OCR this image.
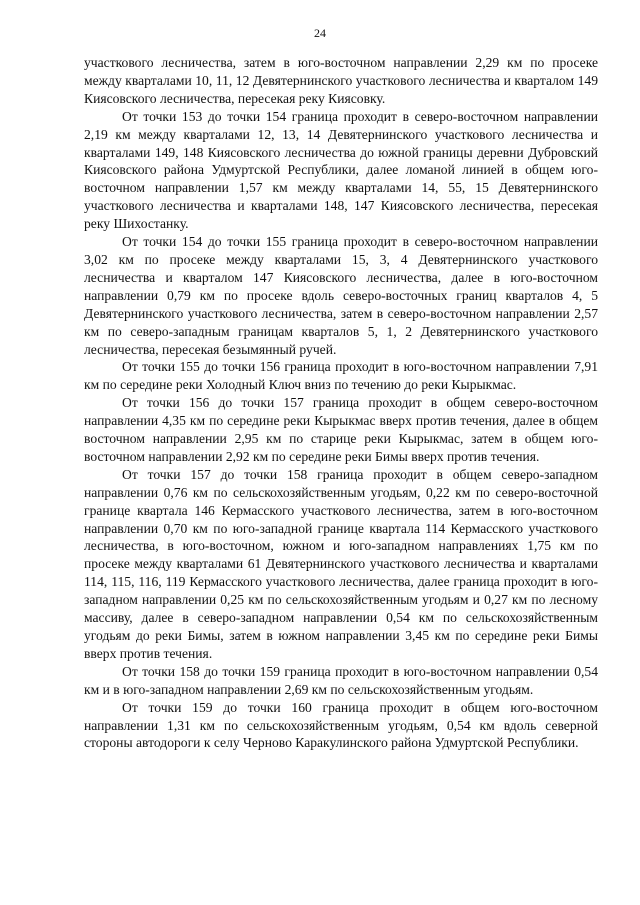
24

участкового лесничества, затем в юго-восточном направлении 2,29 км по просеке между кварталами 10, 11, 12 Девятернинского участкового лесничества и кварталом 149 Киясовского лесничества, пересекая реку Киясовку.

От точки 153 до точки 154 граница проходит в северо-восточном направлении 2,19 км между кварталами 12, 13, 14 Девятернинского участкового лесничества и кварталами 149, 148 Киясовского лесничества до южной границы деревни Дубровский Киясовского района Удмуртской Республики, далее ломаной линией в общем юго-восточном направлении 1,57 км между кварталами 14, 55, 15 Девятернинского участкового лесничества и кварталами 148, 147 Киясовского лесничества, пересекая реку Шихостанку.

От точки 154 до точки 155 граница проходит в северо-восточном направлении 3,02 км по просеке между кварталами 15, 3, 4 Девятернинского участкового лесничества и кварталом 147 Киясовского лесничества, далее в юго-восточном направлении 0,79 км по просеке вдоль северо-восточных границ кварталов 4, 5 Девятернинского участкового лесничества, затем в северо-восточном направлении 2,57 км по северо-западным границам кварталов 5, 1, 2 Девятернинского участкового лесничества, пересекая безымянный ручей.

От точки 155 до точки 156 граница проходит в юго-восточном направлении 7,91 км по середине реки Холодный Ключ вниз по течению до реки Кырыкмас.

От точки 156 до точки 157 граница проходит в общем северо-восточном направлении 4,35 км по середине реки Кырыкмас вверх против течения, далее в общем восточном направлении 2,95 км по старице реки Кырыкмас, затем в общем юго-восточном направлении 2,92 км по середине реки Бимы вверх против течения.

От точки 157 до точки 158 граница проходит в общем северо-западном направлении 0,76 км по сельскохозяйственным угодьям, 0,22 км по северо-восточной границе квартала 146 Кермасского участкового лесничества, затем в юго-восточном направлении 0,70 км по юго-западной границе квартала 114 Кермасского участкового лесничества, в юго-восточном, южном и юго-западном направлениях 1,75 км по просеке между кварталами 61 Девятернинского участкового лесничества и кварталами 114, 115, 116, 119 Кермасского участкового лесничества, далее граница проходит в юго-западном направлении 0,25 км по сельскохозяйственным угодьям и 0,27 км по лесному массиву, далее в северо-западном направлении 0,54 км по сельскохозяйственным угодьям до реки Бимы, затем в южном направлении 3,45 км по середине реки Бимы вверх против течения.

От точки 158 до точки 159 граница проходит в юго-восточном направлении 0,54 км и в юго-западном направлении 2,69 км по сельскохозяйственным угодьям.

От точки 159 до точки 160 граница проходит в общем юго-восточном направлении 1,31 км по сельскохозяйственным угодьям, 0,54 км вдоль северной стороны автодороги к селу Черново Каракулинского района Удмуртской Республики.
